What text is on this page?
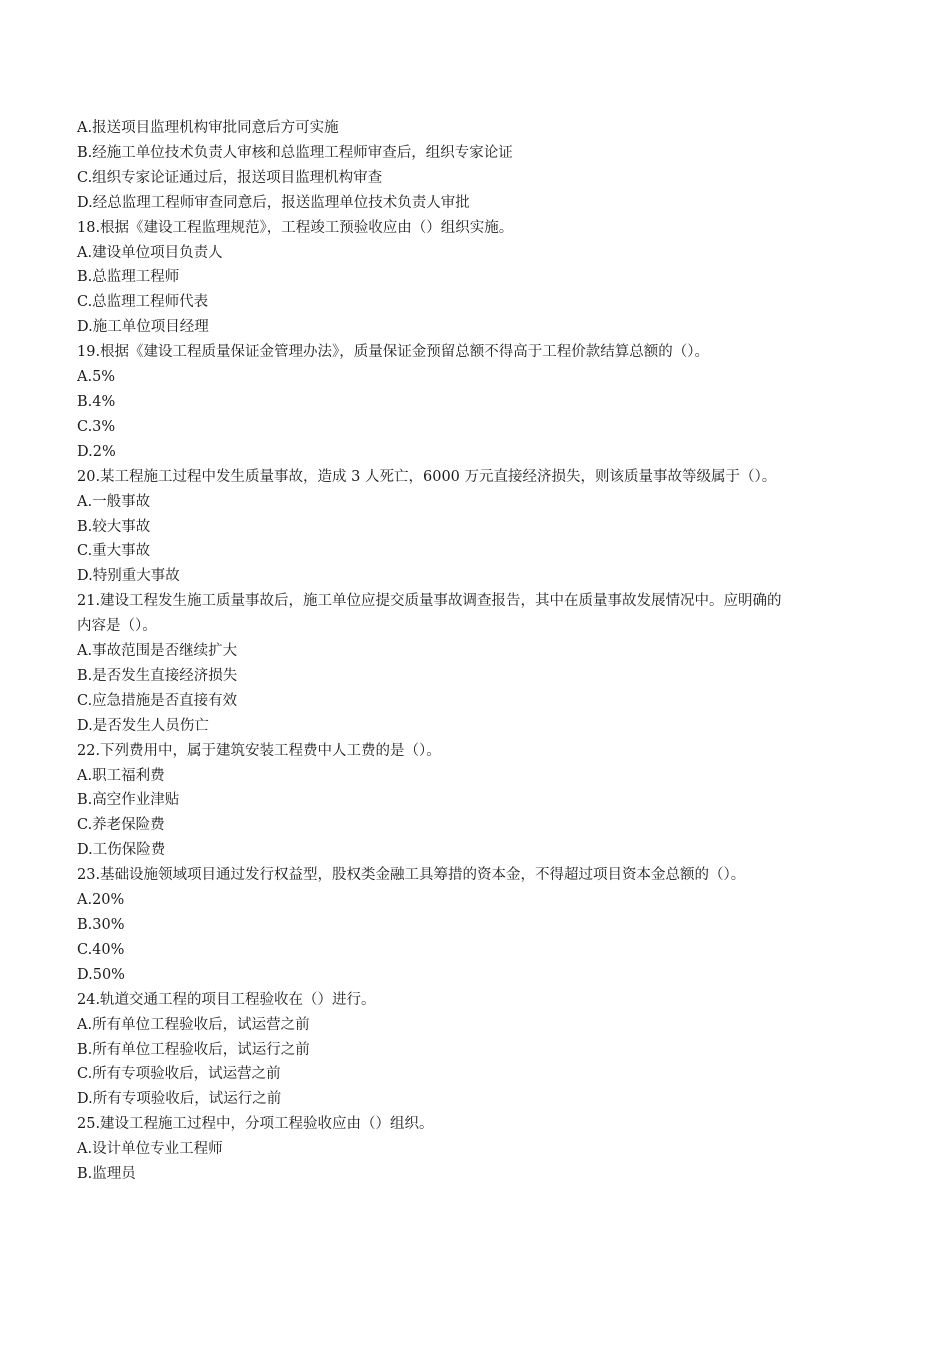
A.报送项目监理机构审批同意后方可实施
B.经施工单位技术负责人审核和总监理工程师审查后，组织专家论证
C.组织专家论证通过后，报送项目监理机构审查
D.经总监理工程师审查同意后，报送监理单位技术负责人审批
18.根据《建设工程监理规范》，工程竣工预验收应由（）组织实施。
A.建设单位项目负责人
B.总监理工程师
C.总监理工程师代表
D.施工单位项目经理
19.根据《建设工程质量保证金管理办法》，质量保证金预留总额不得高于工程价款结算总额的（）。
A.5%
B.4%
C.3%
D.2%
20.某工程施工过程中发生质量事故，造成 3 人死亡，6000 万元直接经济损失，则该质量事故等级属于（）。
A.一般事故
B.较大事故
C.重大事故
D.特别重大事故
21.建设工程发生施工质量事故后，施工单位应提交质量事故调查报告，其中在质量事故发展情况中。应明确的
内容是（）。
A.事故范围是否继续扩大
B.是否发生直接经济损失
C.应急措施是否直接有效
D.是否发生人员伤亡
22.下列费用中，属于建筑安装工程费中人工费的是（）。
A.职工福利费
B.高空作业津贴
C.养老保险费
D.工伤保险费
23.基础设施领域项目通过发行权益型，股权类金融工具筹措的资本金，不得超过项目资本金总额的（）。
A.20%
B.30%
C.40%
D.50%
24.轨道交通工程的项目工程验收在（）进行。
A.所有单位工程验收后，试运营之前
B.所有单位工程验收后，试运行之前
C.所有专项验收后，试运营之前
D.所有专项验收后，试运行之前
25.建设工程施工过程中，分项工程验收应由（）组织。
A.设计单位专业工程师
B.监理员
